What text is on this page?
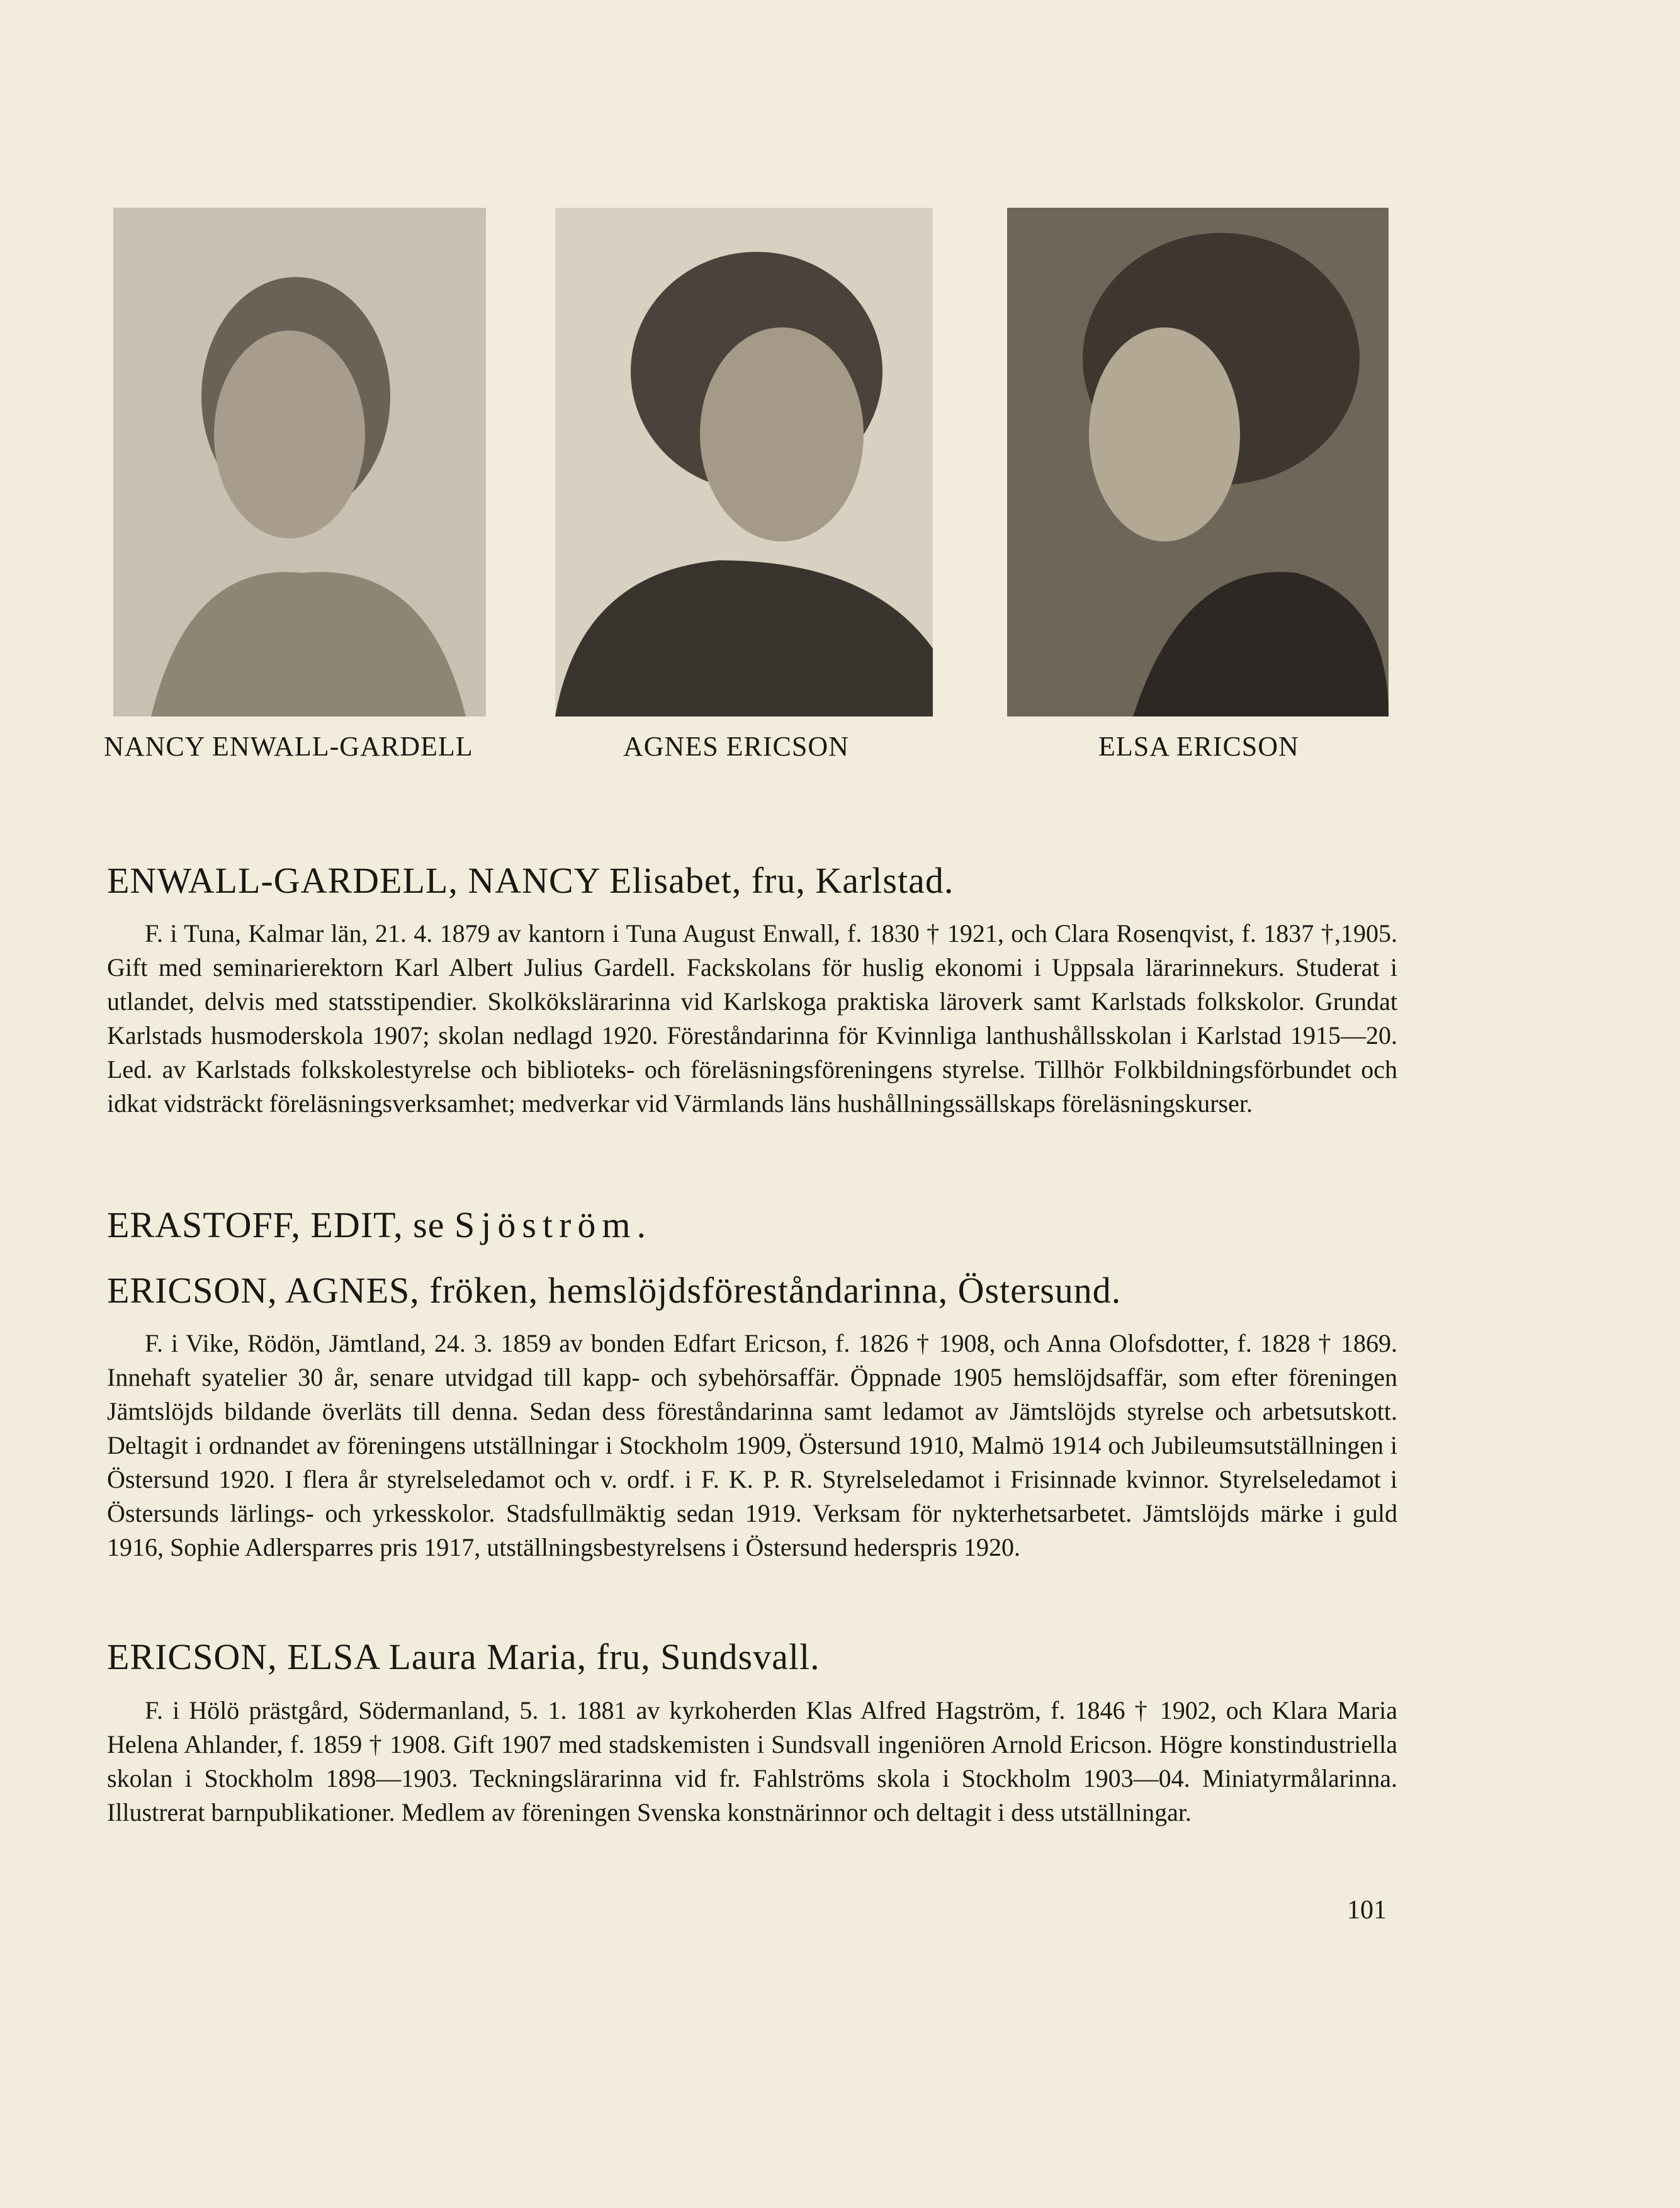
NANCY ENWALL-GARDELL	AGNES ERICSON	ELSA ERICSON
ENWALL-GARDELL, NANCY Elisabet, fru, Karlstad.

F. i Tuna, Kalmar län, 21. 4. 1879 av kantorn i Tuna August Enwall, f. 1830 † 1921, och Clara Rosenqvist, f. 1837 †,1905. Gift med seminarierektorn Karl Albert Julius Gardell. Fackskolans för huslig ekonomi i Uppsala lärarinnekurs. Studerat i utlandet, delvis med statsstipendier. Skolkökslärarinna vid Karlskoga praktiska läroverk samt Karlstads folkskolor. Grundat Karlstads husmoderskola 1907; skolan nedlagd 1920. Föreståndarinna för Kvinnliga lanthushållsskolan i Karlstad 1915—20. Led. av Karlstads folkskolestyrelse och biblioteks- och föreläsningsföreningens styrelse. Tillhör Folkbildningsförbundet och idkat vidsträckt föreläsningsverksamhet; medverkar vid Värmlands läns hushållningssällskaps föreläsningskurser.

ERASTOFF, EDIT, se Sjöström.
ERICSON, AGNES, fröken, hemslöjdsföreståndarinna, Östersund.

F. i Vike, Rödön, Jämtland, 24. 3. 1859 av bonden Edfart Ericson, f. 1826 † 1908, och Anna Olofsdotter, f. 1828 † 1869. Innehaft syatelier 30 år, senare utvidgad till kapp- och sybehörsaffär. Öppnade 1905 hemslöjdsaffär, som efter föreningen Jämtslöjds bildande överläts till denna. Sedan dess föreståndarinna samt ledamot av Jämtslöjds styrelse och arbetsutskott. Deltagit i ordnandet av föreningens utställningar i Stockholm 1909, Östersund 1910, Malmö 1914 och Jubileumsutställningen i Östersund 1920. I flera år styrelseledamot och v. ordf. i F. K. P. R. Styrelseledamot i Frisinnade kvinnor. Styrelseledamot i Östersunds lärlings- och yrkesskolor. Stadsfullmäktig sedan 1919. Verksam för nykterhetsarbetet. Jämtslöjds märke i guld 1916, Sophie Adlersparres pris 1917, utställningsbestyrelsens i Östersund hederspris 1920.

ERICSON, ELSA Laura Maria, fru, Sundsvall.

F. i Hölö prästgård, Södermanland, 5. 1. 1881 av kyrkoherden Klas Alfred Hagström, f. 1846 † 1902, och Klara Maria Helena Ahlander, f. 1859 † 1908. Gift 1907 med stadskemisten i Sundsvall ingeniören Arnold Ericson. Högre konstindustriella skolan i Stockholm 1898—1903. Teckningslärarinna vid fr. Fahlströms skola i Stockholm 1903—04. Miniatyrmålarinna. Illustrerat barnpublikationer. Medlem av föreningen Svenska konstnärinnor och deltagit i dess utställningar.

101
